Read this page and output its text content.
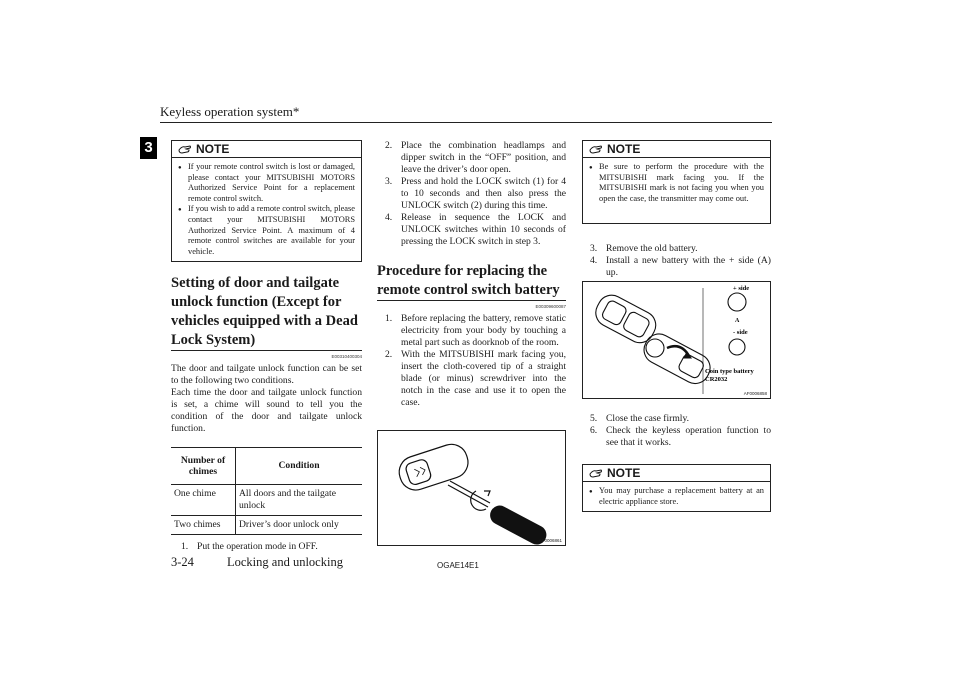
Keyless operation system*
3	NOTE
● If your remote control switch is lost or damaged, please contact your MITSUBISHI MOTORS Authorized Service Point for a replacement remote control switch.
● If you wish to add a remote control switch, please contact your MITSUBISHI MOTORS Authorized Service Point. A maximum of 4 remote control switches are available for your vehicle.
Setting of door and tailgate unlock function (Except for vehicles equipped with a Dead Lock System)
E00310400304

The door and tailgate unlock function can be set to the following two conditions.

Each time the door and tailgate unlock function is set, a chime will sound to tell you the condition of the door and tailgate unlock function.

Number of chimes	Condition
One chime	All doors and the tailgate unlock
Two chimes	Driver’s door unlock only
1. Put the operation mode in OFF.
2. Place the combination headlamps and dipper switch in the “OFF” position, and leave the driver’s door open.
3. Press and hold the LOCK switch (1) for 4 to 10 seconds and then also press the UNLOCK switch (2) during this time.
4. Release in sequence the LOCK and UNLOCK switches within 10 seconds of pressing the LOCK switch in step 3.
Procedure for replacing the remote control switch battery
E00309600087
1. Before replacing the battery, remove static electricity from your body by touching a metal part such as doorknob of the room.
2. With the MITSUBISHI mark facing you, insert the cloth-covered tip of a straight blade (or minus) screwdriver into the notch in the case and use it to open the case.
AF0006861
NOTE
● Be sure to perform the procedure with the MITSUBISHI mark facing you. If the MITSUBISHI mark is not facing you when you open the case, the transmitter may come out.
3. Remove the old battery.
4. Install a new battery with the + side (A) up.
+ side
- side
A
Coin type battery
CR2032
AF0006858
5. Close the case firmly.
6. Check the keyless operation function to see that it works.
NOTE
● You may purchase a replacement battery at an electric appliance store.
3-24	Locking and unlocking	OGAE14E1
